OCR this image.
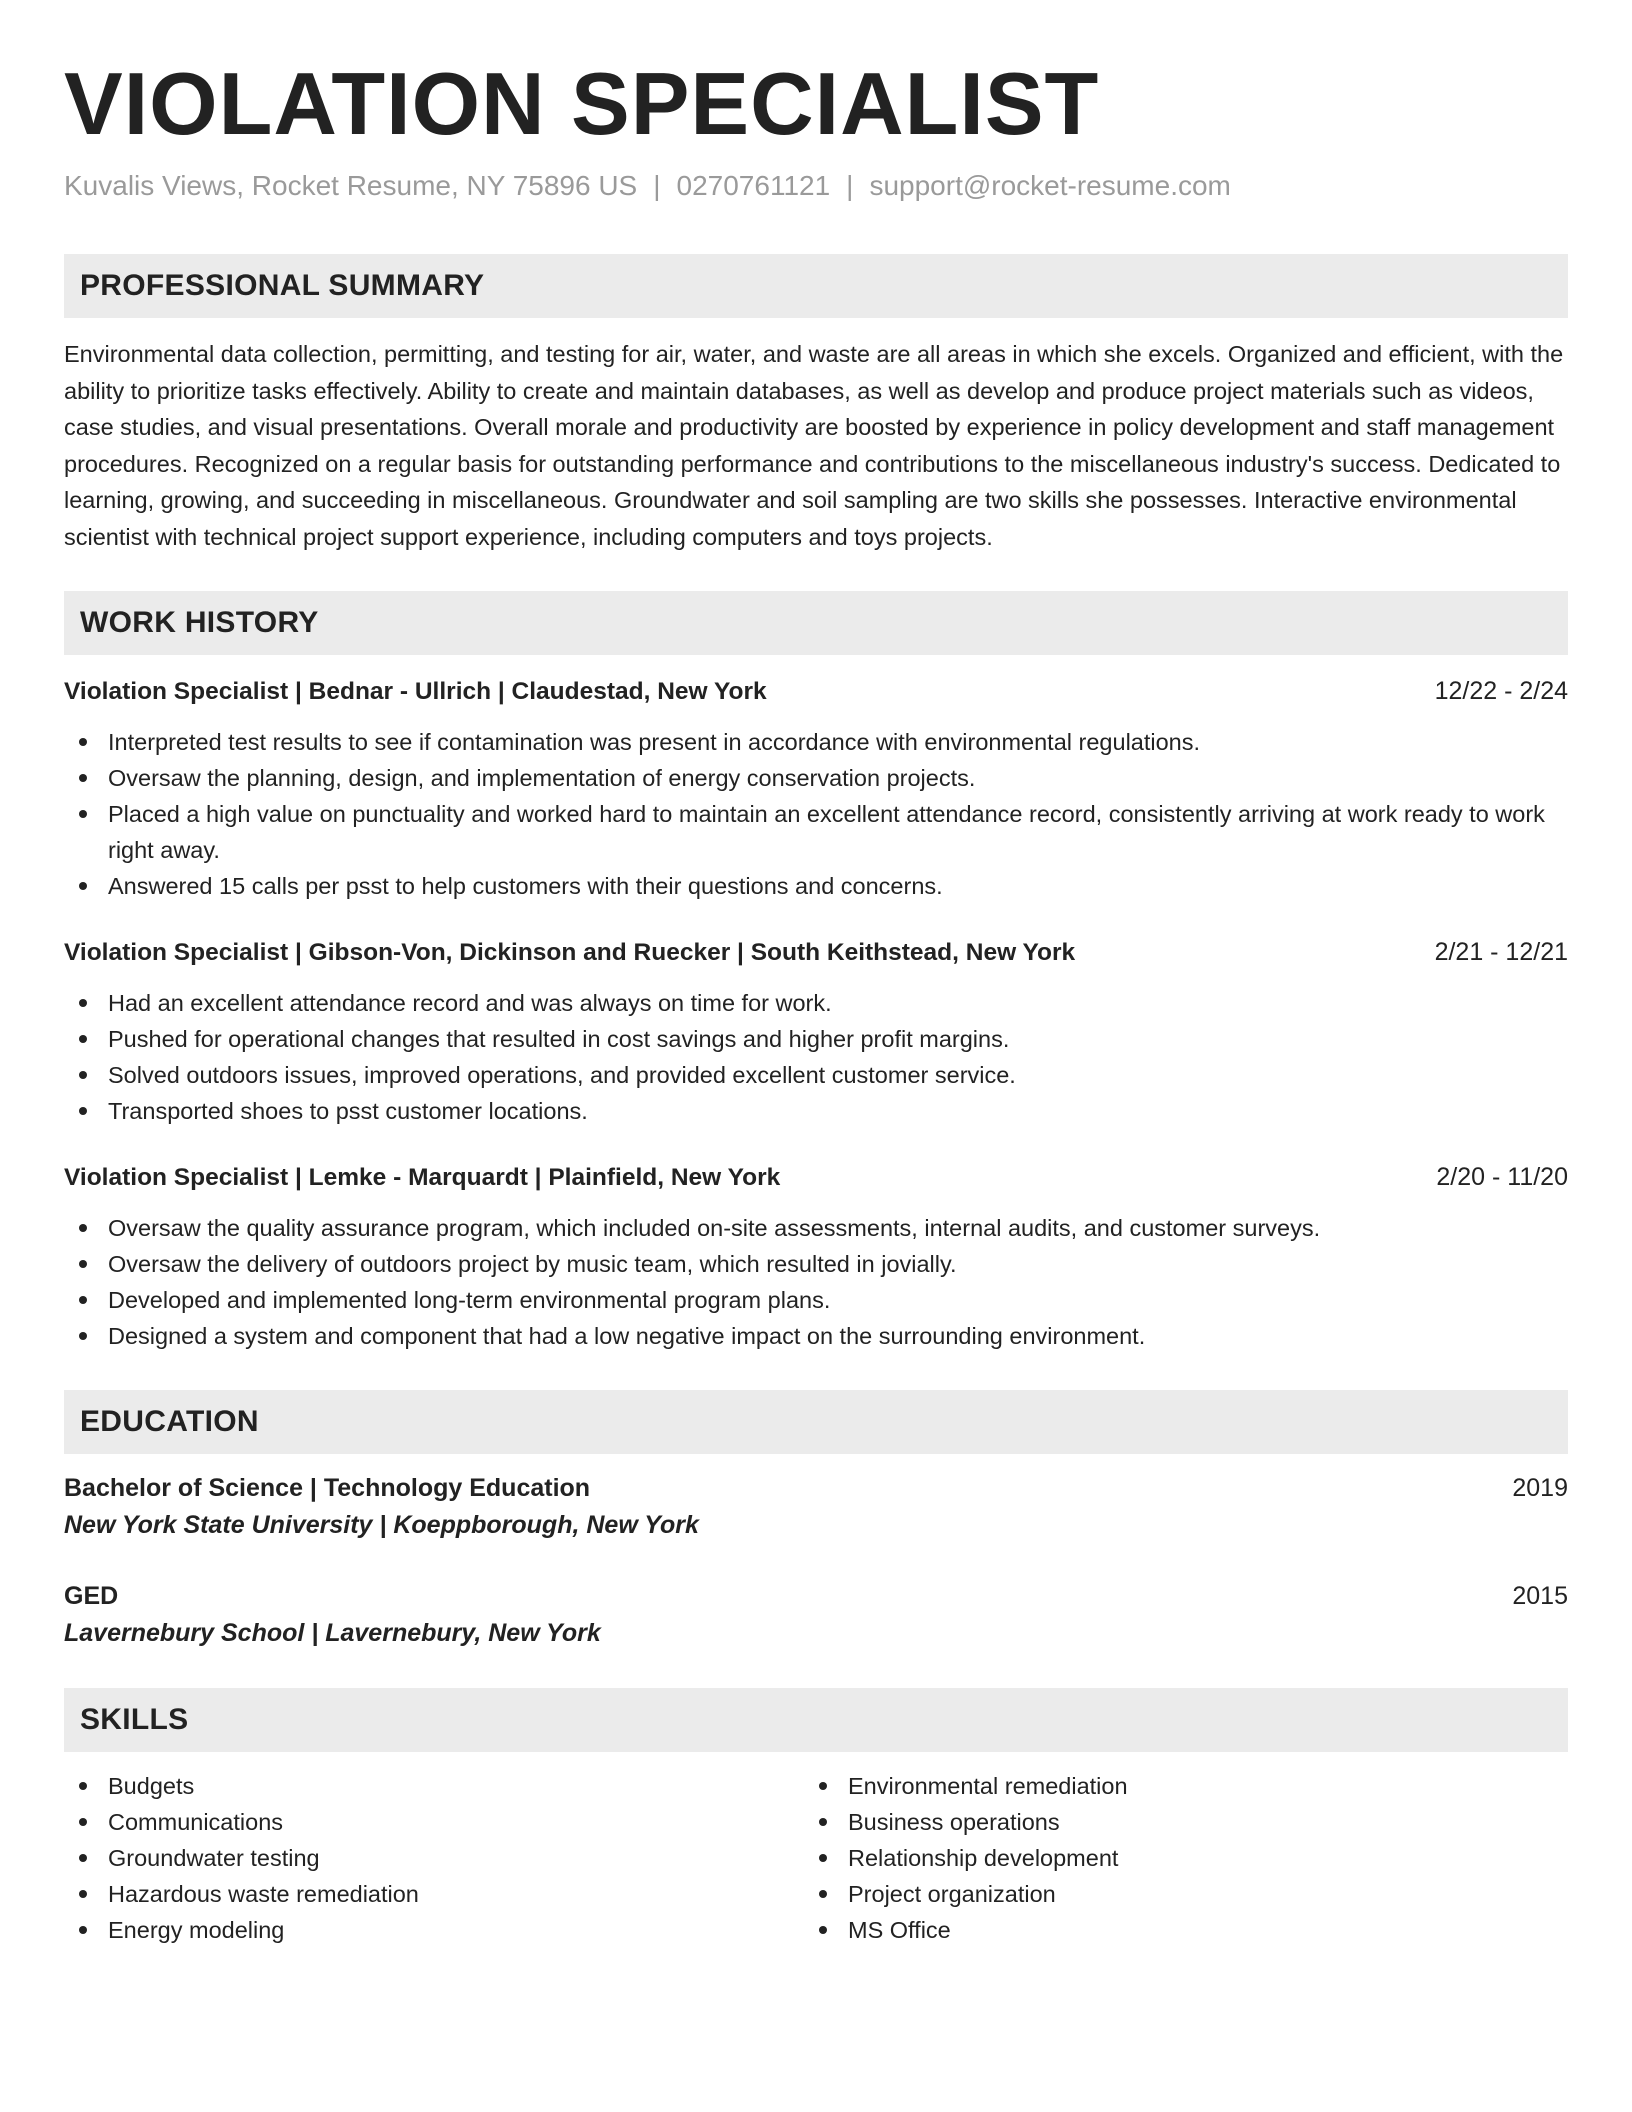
VIOLATION SPECIALIST
Kuvalis Views, Rocket Resume, NY 75896 US | 0270761121 | support@rocket-resume.com
PROFESSIONAL SUMMARY
Environmental data collection, permitting, and testing for air, water, and waste are all areas in which she excels. Organized and efficient, with the ability to prioritize tasks effectively. Ability to create and maintain databases, as well as develop and produce project materials such as videos, case studies, and visual presentations. Overall morale and productivity are boosted by experience in policy development and staff management procedures. Recognized on a regular basis for outstanding performance and contributions to the miscellaneous industry's success. Dedicated to learning, growing, and succeeding in miscellaneous. Groundwater and soil sampling are two skills she possesses. Interactive environmental scientist with technical project support experience, including computers and toys projects.
WORK HISTORY
Violation Specialist | Bednar - Ullrich | Claudestad, New York	12/22 - 2/24
Interpreted test results to see if contamination was present in accordance with environmental regulations.
Oversaw the planning, design, and implementation of energy conservation projects.
Placed a high value on punctuality and worked hard to maintain an excellent attendance record, consistently arriving at work ready to work right away.
Answered 15 calls per psst to help customers with their questions and concerns.
Violation Specialist | Gibson-Von, Dickinson and Ruecker | South Keithstead, New York	2/21 - 12/21
Had an excellent attendance record and was always on time for work.
Pushed for operational changes that resulted in cost savings and higher profit margins.
Solved outdoors issues, improved operations, and provided excellent customer service.
Transported shoes to psst customer locations.
Violation Specialist | Lemke - Marquardt | Plainfield, New York	2/20 - 11/20
Oversaw the quality assurance program, which included on-site assessments, internal audits, and customer surveys.
Oversaw the delivery of outdoors project by music team, which resulted in jovially.
Developed and implemented long-term environmental program plans.
Designed a system and component that had a low negative impact on the surrounding environment.
EDUCATION
Bachelor of Science | Technology Education	2019
New York State University | Koeppborough, New York
GED	2015
Lavernebury School | Lavernebury, New York
SKILLS
Budgets
Communications
Groundwater testing
Hazardous waste remediation
Energy modeling
Environmental remediation
Business operations
Relationship development
Project organization
MS Office
